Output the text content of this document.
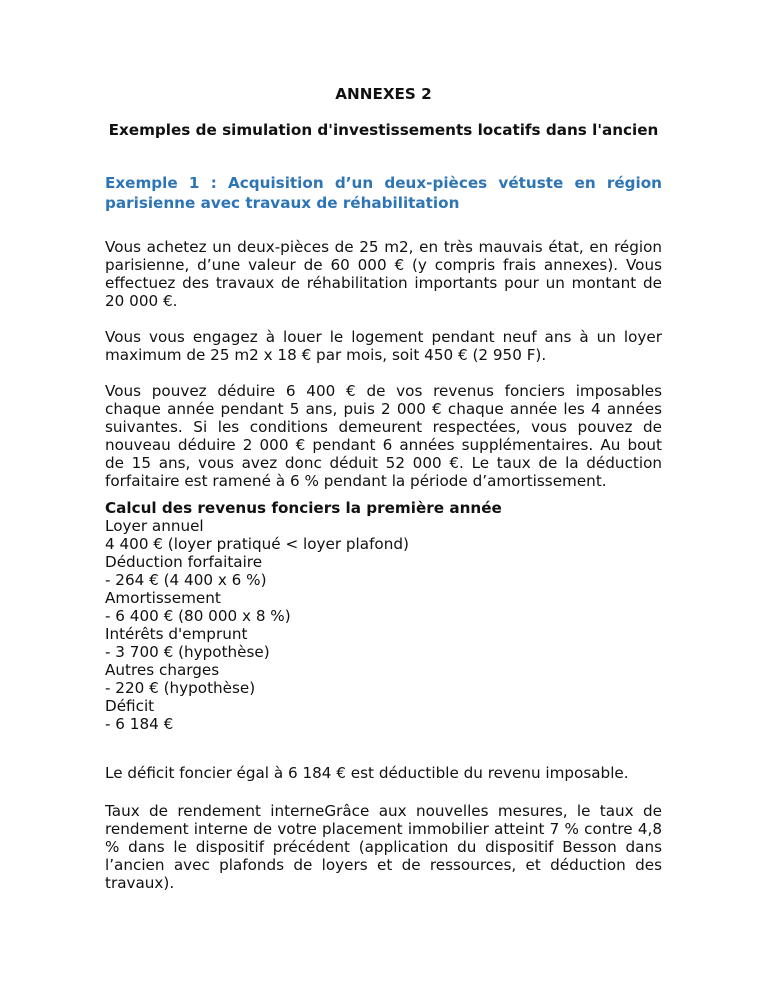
ANNEXES 2
Exemples de simulation d'investissements locatifs dans l'ancien
Exemple 1 : Acquisition d’un deux-pièces vétuste en région parisienne avec travaux de réhabilitation
Vous achetez un deux-pièces de 25 m2, en très mauvais état, en région parisienne, d’une valeur de 60 000 € (y compris frais annexes). Vous effectuez des travaux de réhabilitation importants pour un montant de 20 000 €.
Vous vous engagez à louer le logement pendant neuf ans à un loyer maximum de 25 m2 x 18 € par mois, soit 450 € (2 950 F).
Vous pouvez déduire 6 400 € de vos revenus fonciers imposables chaque année pendant 5 ans, puis 2 000 € chaque année les 4 années suivantes. Si les conditions demeurent respectées, vous pouvez de nouveau déduire 2 000 € pendant 6 années supplémentaires. Au bout de 15 ans, vous avez donc déduit 52 000 €. Le taux de la déduction forfaitaire est ramené à 6 % pendant la période d’amortissement.
Calcul des revenus fonciers la première année
Loyer annuel
4 400 € (loyer pratiqué < loyer plafond)
Déduction forfaitaire
- 264 € (4 400 x 6 %)
Amortissement
- 6 400 € (80 000 x 8 %)
Intérêts d'emprunt
- 3 700 € (hypothèse)
Autres charges
- 220 € (hypothèse)
Déficit
- 6 184 €
Le déficit foncier égal à 6 184 € est déductible du revenu imposable.
Taux de rendement interneGrâce aux nouvelles mesures, le taux de rendement interne de votre placement immobilier atteint 7 % contre 4,8 % dans le dispositif précédent (application du dispositif Besson dans l’ancien avec plafonds de loyers et de ressources, et déduction des travaux).
